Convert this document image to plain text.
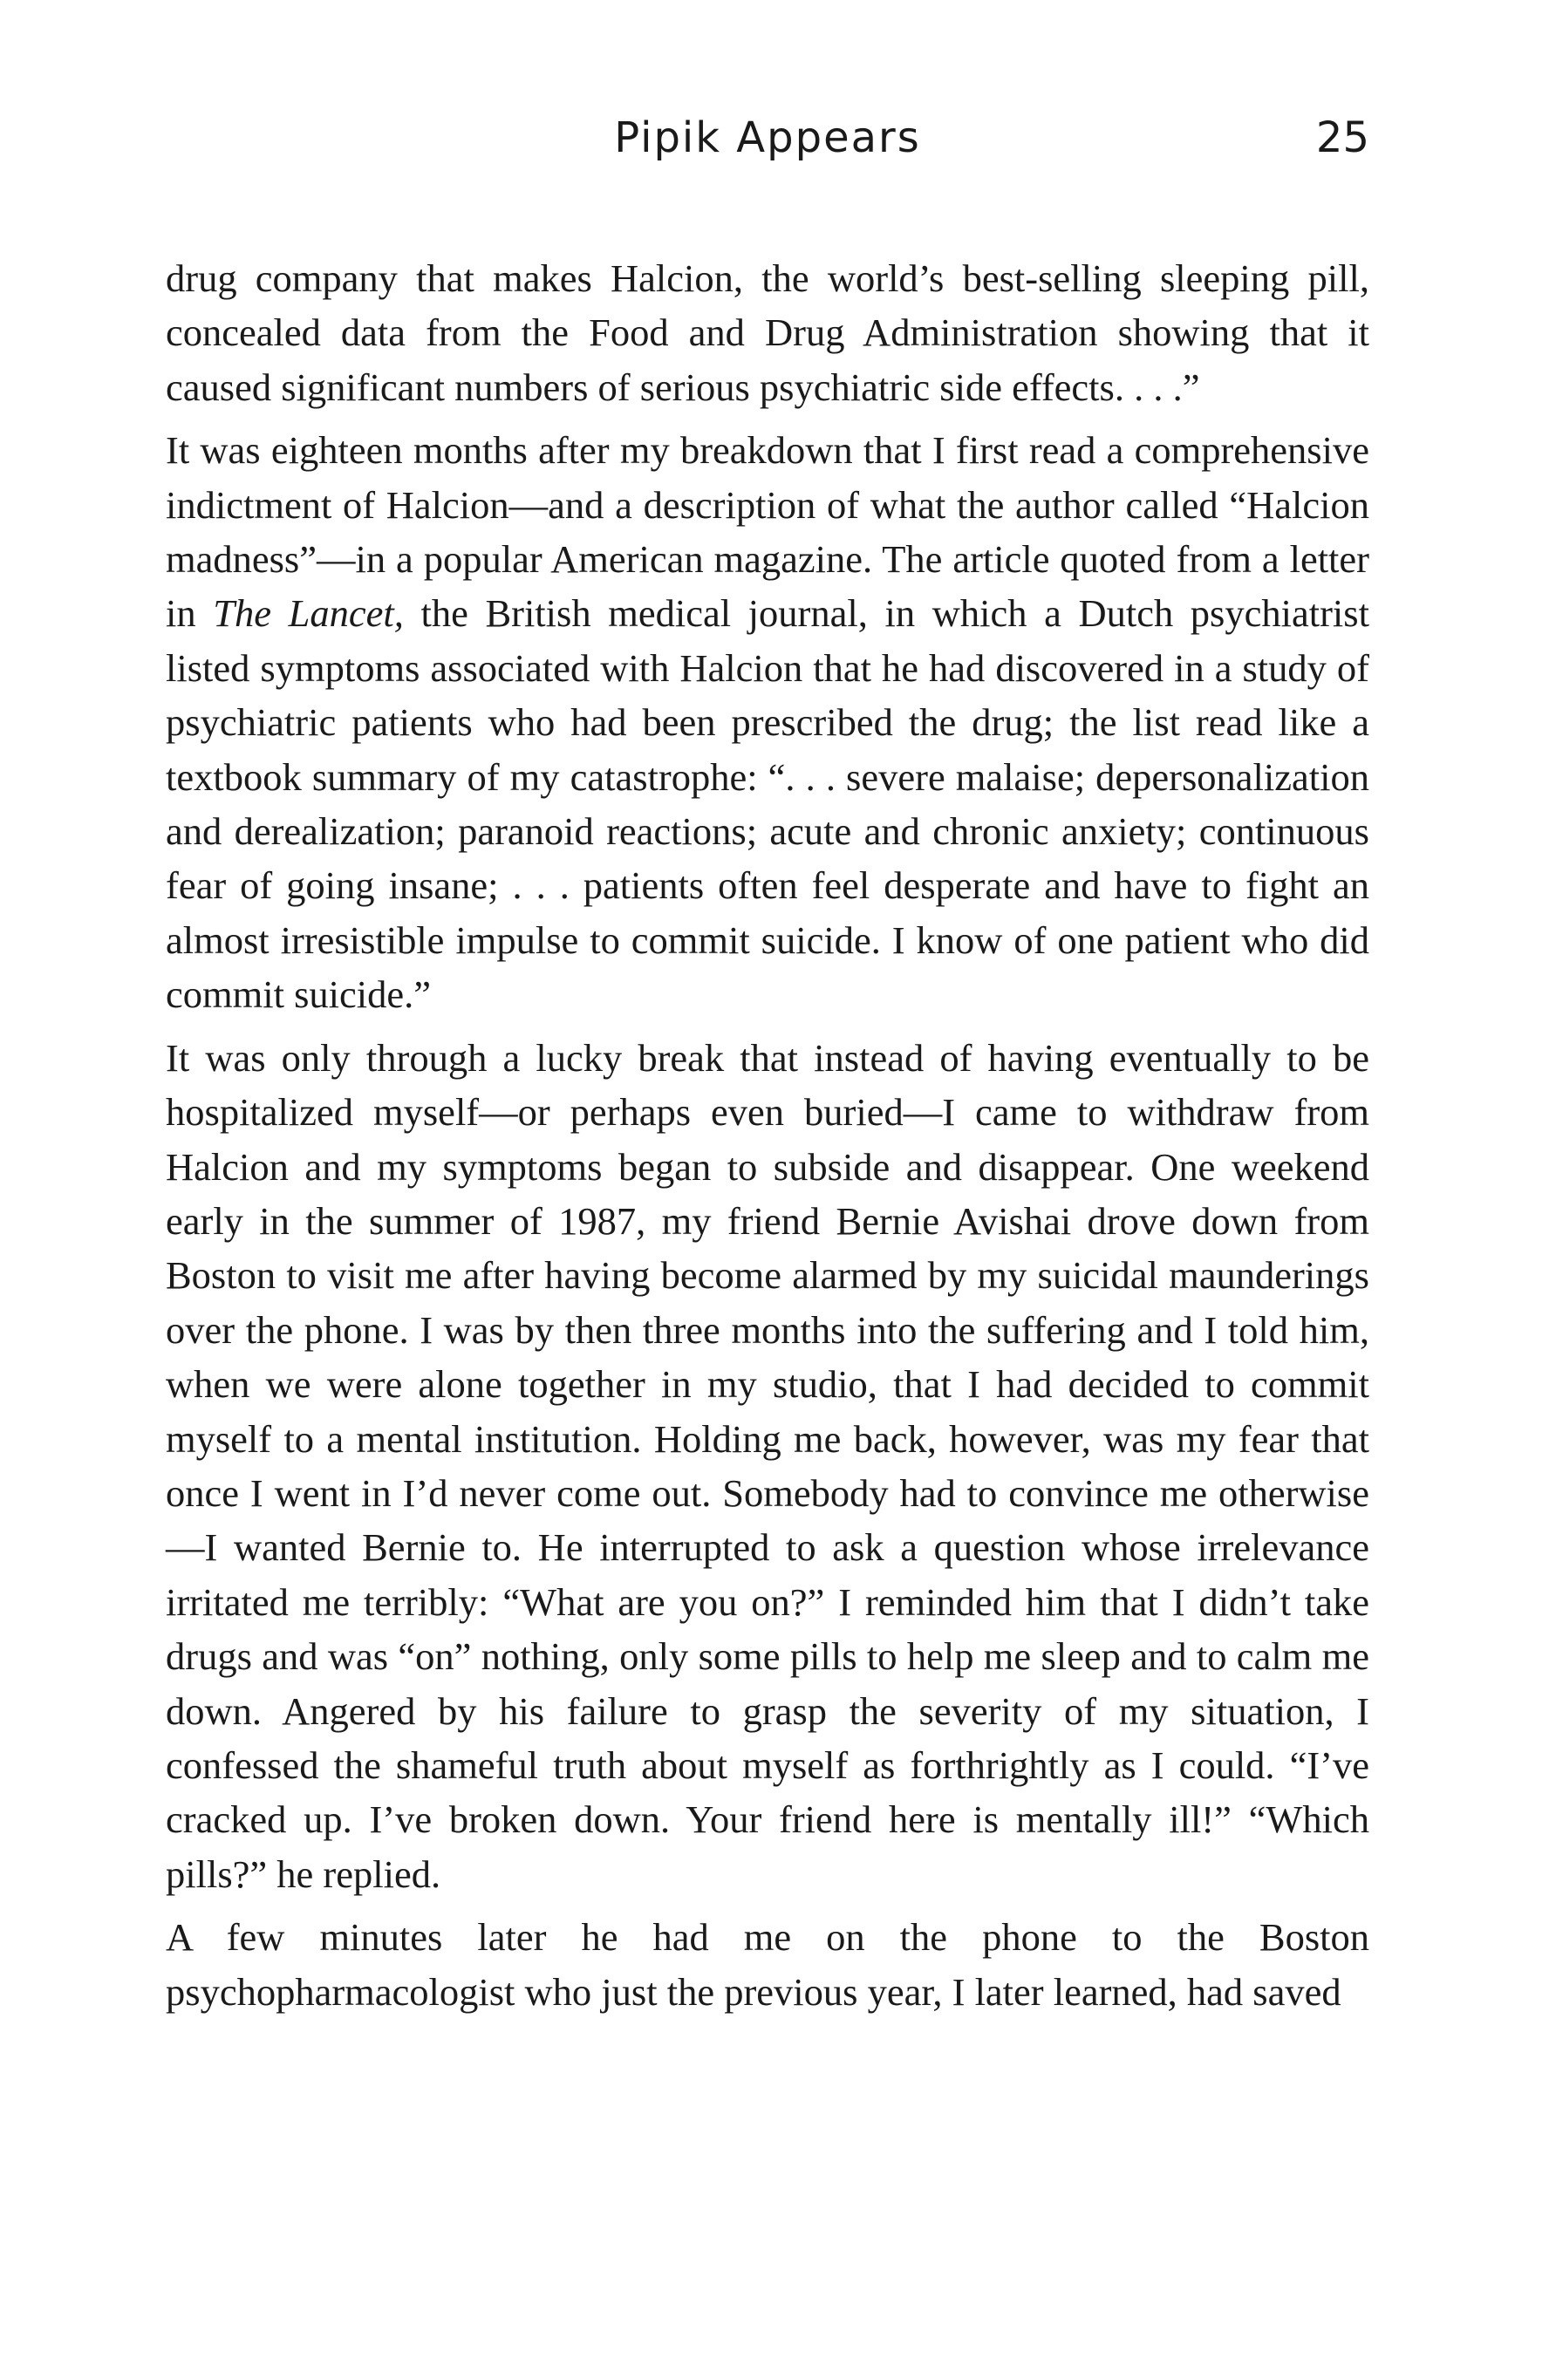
Pipik Appears	25

drug company that makes Halcion, the world’s best-selling sleeping pill, concealed data from the Food and Drug Administration showing that it caused significant numbers of serious psychiatric side effects. . . .”

It was eighteen months after my breakdown that I first read a comprehensive indictment of Halcion—and a description of what the author called “Halcion madness”—in a popular American magazine. The article quoted from a letter in The Lancet, the British medical journal, in which a Dutch psychiatrist listed symptoms associated with Halcion that he had discovered in a study of psychiatric patients who had been prescribed the drug; the list read like a textbook summary of my catastrophe: “. . . severe malaise; depersonalization and derealization; paranoid reactions; acute and chronic anxiety; continuous fear of going insane; . . . patients often feel desperate and have to fight an almost irresistible impulse to commit suicide. I know of one patient who did commit suicide.”

It was only through a lucky break that instead of having eventually to be hospitalized myself—or perhaps even buried—I came to withdraw from Halcion and my symptoms began to subside and disappear. One weekend early in the summer of 1987, my friend Bernie Avishai drove down from Boston to visit me after having become alarmed by my suicidal maunderings over the phone. I was by then three months into the suffering and I told him, when we were alone together in my studio, that I had decided to commit myself to a mental institution. Holding me back, however, was my fear that once I went in I’d never come out. Somebody had to convince me otherwise—I wanted Bernie to. He interrupted to ask a question whose irrelevance irritated me terribly: “What are you on?” I reminded him that I didn’t take drugs and was “on” nothing, only some pills to help me sleep and to calm me down. Angered by his failure to grasp the severity of my situation, I confessed the shameful truth about myself as forthrightly as I could. “I’ve cracked up. I’ve broken down. Your friend here is mentally ill!” “Which pills?” he replied.

A few minutes later he had me on the phone to the Boston psychopharmacologist who just the previous year, I later learned, had saved
